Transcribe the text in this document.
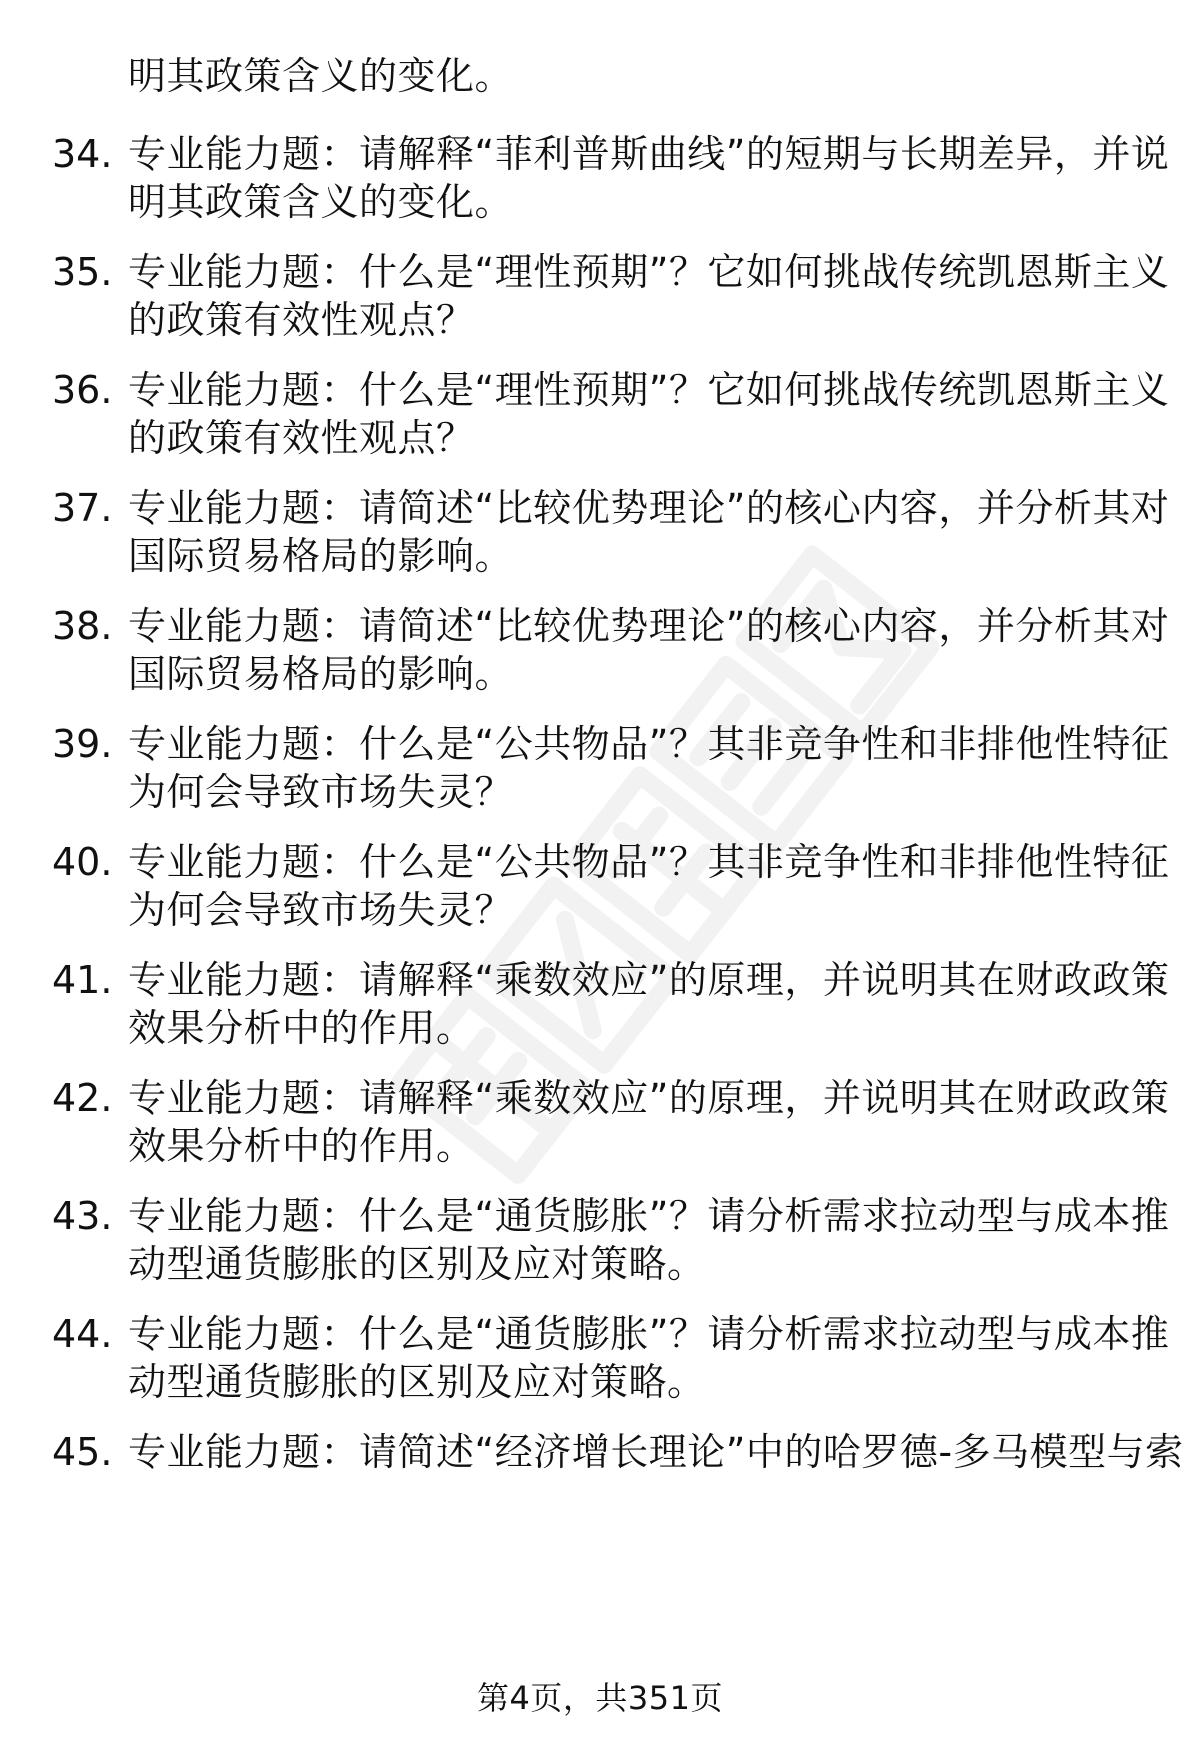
明其政策含义的变化。
34. 专业能力题：请解释“菲利普斯曲线”的短期与长期差异，并说
明其政策含义的变化。
35. 专业能力题：什么是“理性预期”？它如何挑战传统凯恩斯主义
的政策有效性观点？
36. 专业能力题：什么是“理性预期”？它如何挑战传统凯恩斯主义
的政策有效性观点？
37. 专业能力题：请简述“比较优势理论”的核心内容，并分析其对
国际贸易格局的影响。
38. 专业能力题：请简述“比较优势理论”的核心内容，并分析其对
国际贸易格局的影响。
39. 专业能力题：什么是“公共物品”？其非竞争性和非排他性特征
为何会导致市场失灵？
40. 专业能力题：什么是“公共物品”？其非竞争性和非排他性特征
为何会导致市场失灵？
41. 专业能力题：请解释“乘数效应”的原理，并说明其在财政政策
效果分析中的作用。
42. 专业能力题：请解释“乘数效应”的原理，并说明其在财政政策
效果分析中的作用。
43. 专业能力题：什么是“通货膨胀”？请分析需求拉动型与成本推
动型通货膨胀的区别及应对策略。
44. 专业能力题：什么是“通货膨胀”？请分析需求拉动型与成本推
动型通货膨胀的区别及应对策略。
45. 专业能力题：请简述“经济增长理论”中的哈罗德-多马模型与索
第4页，共351页
